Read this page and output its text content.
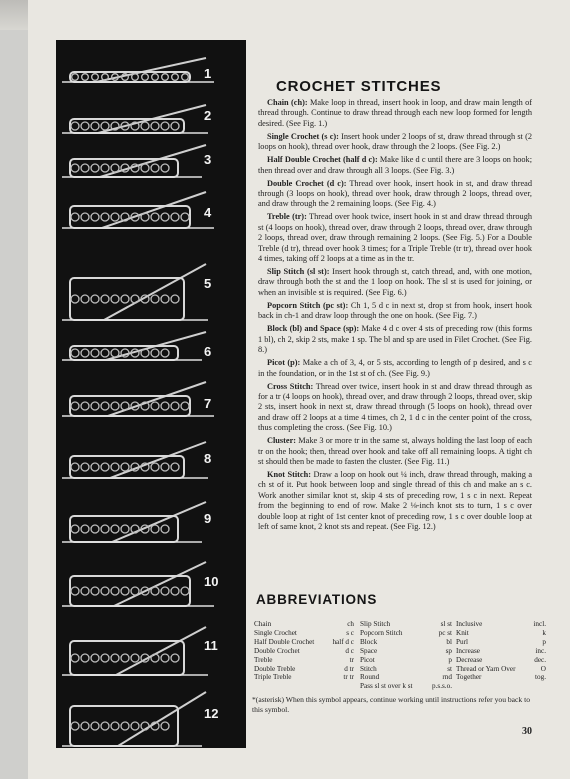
1
2
3
4
5
6
7
8
9
10
11
12
CROCHET STITCHES

Chain (ch): Make loop in thread, insert hook in loop, and draw main length of thread through. Continue to draw thread through each new loop formed for length desired. (See Fig. 1.)

Single Crochet (s c): Insert hook under 2 loops of st, draw thread through st (2 loops on hook), thread over hook, draw through the 2 loops. (See Fig. 2.)

Half Double Crochet (half d c): Make like d c until there are 3 loops on hook; then thread over and draw through all 3 loops. (See Fig. 3.)

Double Crochet (d c): Thread over hook, insert hook in st, and draw thread through (3 loops on hook), thread over hook, draw through 2 loops, thread over, and draw through the 2 remaining loops. (See Fig. 4.)

Treble (tr): Thread over hook twice, insert hook in st and draw thread through st (4 loops on hook), thread over, draw through 2 loops, thread over, draw through 2 loops, thread over, draw through remaining 2 loops. (See Fig. 5.) For a Double Treble (d tr), thread over hook 3 times; for a Triple Treble (tr tr), thread over hook 4 times, taking off 2 loops at a time as in the tr.

Slip Stitch (sl st): Insert hook through st, catch thread, and, with one motion, draw through both the st and the 1 loop on hook. The sl st is used for joining, or when an invisible st is required. (See Fig. 6.)

Popcorn Stitch (pc st): Ch 1, 5 d c in next st, drop st from hook, insert hook back in ch-1 and draw loop through the one on hook. (See Fig. 7.)

Block (bl) and Space (sp): Make 4 d c over 4 sts of preceding row (this forms 1 bl), ch 2, skip 2 sts, make 1 sp. The bl and sp are used in Filet Crochet. (See Fig. 8.)

Picot (p): Make a ch of 3, 4, or 5 sts, according to length of p desired, and s c in the foundation, or in the 1st st of ch. (See Fig. 9.)

Cross Stitch: Thread over twice, insert hook in st and draw thread through as for a tr (4 loops on hook), thread over, and draw through 2 loops, thread over, skip 2 sts, insert hook in next st, draw thread through (5 loops on hook), thread over and draw off 2 loops at a time 4 times, ch 2, 1 d c in the center point of the cross, thus completing the cross. (See Fig. 10.)

Cluster: Make 3 or more tr in the same st, always holding the last loop of each tr on the hook; then, thread over hook and take off all remaining loops. A tight ch st should then be made to fasten the cluster. (See Fig. 11.)

Knot Stitch: Draw a loop on hook out ¼ inch, draw thread through, making a ch st of it. Put hook between loop and single thread of this ch and make an s c. Work another similar knot st, skip 4 sts of preceding row, 1 s c in next. Repeat from the beginning to end of row. Make 2 ⅛-inch knot sts to turn, 1 s c over double loop at right of 1st center knot of preceding row, 1 s c over double loop at left of same knot, 2 knot sts and repeat. (See Fig. 12.)

ABBREVIATIONS
Chain	ch
Single Crochet	s c
Half Double Crochet	half d c
Double Crochet	d c
Treble	tr
Double Treble	d tr
Triple Treble	tr tr
Slip Stitch	sl st
Popcorn Stitch	pc st
Block	bl
Space	sp
Picot	p
Stitch	st
Round	rnd
Pass sl st over k st	p.s.s.o.
Inclusive	incl.
Knit	k
Purl	p
Increase	inc.
Decrease	dec.
Thread or Yarn Over	O
Together	tog.
*(asterisk) When this symbol appears, continue working until instructions refer you back to this symbol.
30
